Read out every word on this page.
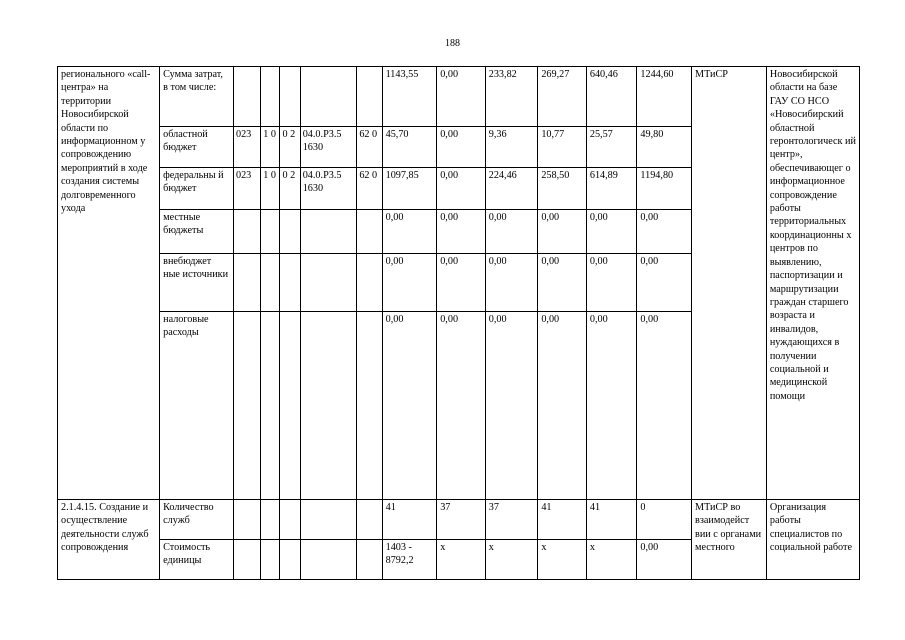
188
регионального «call-центра» на территории Новосибирской области по информационном у сопровождению мероприятий в ходе создания системы долговременного ухода	Сумма затрат, в том числе:						1143,55	0,00	233,82	269,27	640,46	1244,60	МТиСР	Новосибирской области на базе ГАУ СО НСО «Новосибирский областной геронтологическ ий центр», обеспечивающег о информационное сопровождение работы территориальных координационны х центров по выявлению, паспортизации и маршрутизации граждан старшего возраста и инвалидов, нуждающихся в получении социальной и медицинской помощи
	областной бюджет	023	1 0	0 2	04.0.P3.5 1630	62 0	45,70	0,00	9,36	10,77	25,57	49,80		
	федеральны й бюджет	023	1 0	0 2	04.0.P3.5 1630	62 0	1097,85	0,00	224,46	258,50	614,89	1194,80		
	местные бюджеты						0,00	0,00	0,00	0,00	0,00	0,00		
	внебюджет ные источники						0,00	0,00	0,00	0,00	0,00	0,00		
	налоговые расходы						0,00	0,00	0,00	0,00	0,00	0,00		
2.1.4.15. Создание и осуществление деятельности служб сопровождения	Количество служб						41	37	37	41	41	0	МТиСР во взаимодейст вии с органами местного	Организация работы специалистов по социальной работе
	Стоимость единицы						1403 - 8792,2	х	х	х	х	0,00		
